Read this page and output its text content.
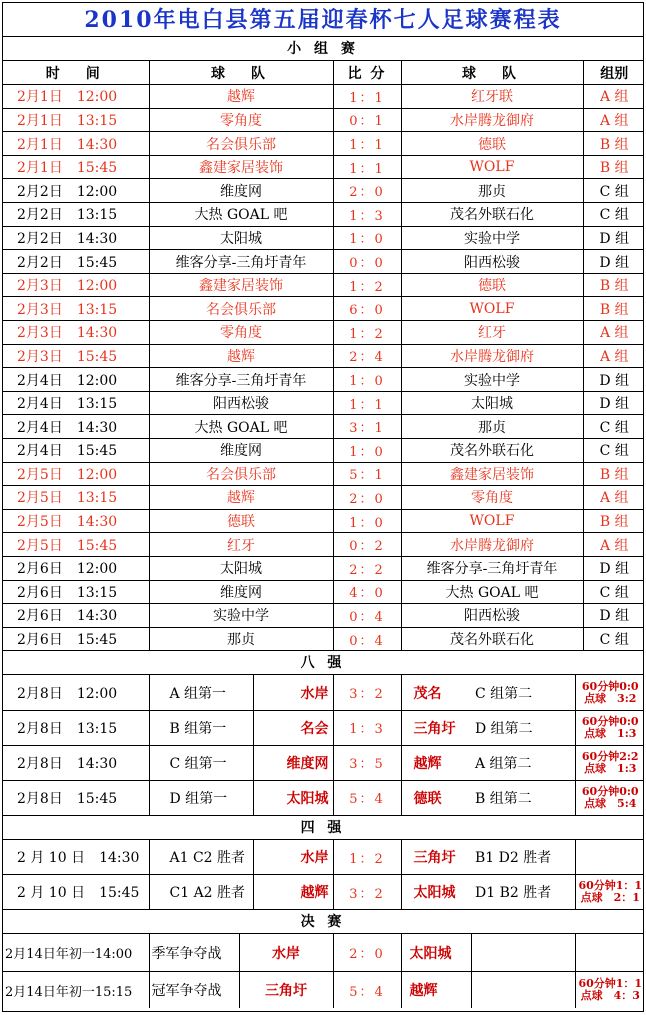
2010年电白县第五届迎春杯七人足球赛程表
小 组 赛
时　间	球　队	比 分	球　队	组别
2月1日　12:00	越辉	1：1	红牙联	A 组
2月1日　13:15	零角度	0：1	水岸腾龙御府	A 组
2月1日　14:30	名会俱乐部	1：1	德联	B 组
2月1日　15:45	鑫建家居装饰	1：1	WOLF	B 组
2月2日　12:00	维度网	2：0	那贞	C 组
2月2日　13:15	大热 GOAL 吧	1：3	茂名外联石化	C 组
2月2日　14:30	太阳城	1：0	实验中学	D 组
2月2日　15:45	维客分享-三角圩青年	0：0	阳西松骏	D 组
2月3日　12:00	鑫建家居装饰	1：2	德联	B 组
2月3日　13:15	名会俱乐部	6：0	WOLF	B 组
2月3日　14:30	零角度	1：2	红牙	A 组
2月3日　15:45	越辉	2：4	水岸腾龙御府	A 组
2月4日　12:00	维客分享-三角圩青年	1：0	实验中学	D 组
2月4日　13:15	阳西松骏	1：1	太阳城	D 组
2月4日　14:30	大热 GOAL 吧	3：1	那贞	C 组
2月4日　15:45	维度网	1：0	茂名外联石化	C 组
2月5日　12:00	名会俱乐部	5：1	鑫建家居装饰	B 组
2月5日　13:15	越辉	2：0	零角度	A 组
2月5日　14:30	德联	1：0	WOLF	B 组
2月5日　15:45	红牙	0：2	水岸腾龙御府	A 组
2月6日　12:00	太阳城	2：2	维客分享-三角圩青年	D 组
2月6日　13:15	维度网	4：0	大热 GOAL 吧	C 组
2月6日　14:30	实验中学	0：4	阳西松骏	D 组
2月6日　15:45	那贞	0：4	茂名外联石化	C 组
八 强
2月8日　12:00	A 组第一	水岸	3：2	茂名	C 组第二	60分钟0:0
点球　3:2

2月8日　13:15	B 组第一	名会	1：3	三角圩	D 组第二	60分钟0:0
点球　1:3

2月8日　14:30	C 组第一	维度网	3：5	越辉	A 组第二	60分钟2:2
点球　1:3

2月8日　15:45	D 组第一	太阳城	5：4	德联	B 组第二	60分钟0:0
点球　5:4
四 强
2 月 10 日　14:30	A1 C2 胜者	水岸	1：2	三角圩	B1 D2 胜者	

2 月 10 日　15:45	C1 A2 胜者	越辉	3：2	太阳城	D1 B2 胜者	60分钟1：1
点球　2：1
决 赛
2月14日年初一14:00	季军争夺战	水岸	2：0	太阳城		

2月14日年初一15:15	冠军争夺战	三角圩	5：4	越辉		60分钟1：1
点球　4：3
